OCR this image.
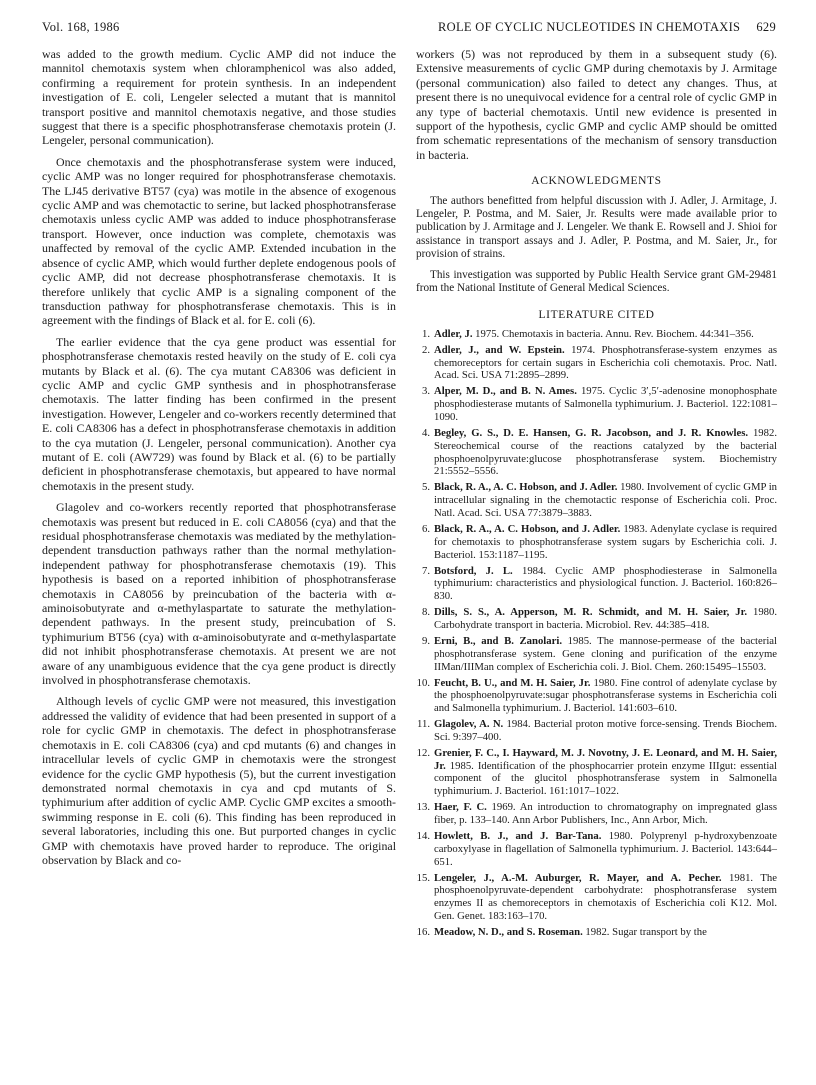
Vol. 168, 1986	ROLE OF CYCLIC NUCLEOTIDES IN CHEMOTAXIS 629

was added to the growth medium. Cyclic AMP did not induce the mannitol chemotaxis system when chloramphenicol was also added, confirming a requirement for protein synthesis. In an independent investigation of E. coli, Lengeler selected a mutant that is mannitol transport positive and mannitol chemotaxis negative, and those studies suggest that there is a specific phosphotransferase chemotaxis protein (J. Lengeler, personal communication).

Once chemotaxis and the phosphotransferase system were induced, cyclic AMP was no longer required for phosphotransferase chemotaxis. The LJ45 derivative BT57 (cya) was motile in the absence of exogenous cyclic AMP and was chemotactic to serine, but lacked phosphotransferase chemotaxis unless cyclic AMP was added to induce phosphotransferase transport. However, once induction was complete, chemotaxis was unaffected by removal of the cyclic AMP. Extended incubation in the absence of cyclic AMP, which would further deplete endogenous pools of cyclic AMP, did not decrease phosphotransferase chemotaxis. It is therefore unlikely that cyclic AMP is a signaling component of the transduction pathway for phosphotransferase chemotaxis. This is in agreement with the findings of Black et al. for E. coli (6).

The earlier evidence that the cya gene product was essential for phosphotransferase chemotaxis rested heavily on the study of E. coli cya mutants by Black et al. (6). The cya mutant CA8306 was deficient in cyclic AMP and cyclic GMP synthesis and in phosphotransferase chemotaxis. The latter finding has been confirmed in the present investigation. However, Lengeler and co-workers recently determined that E. coli CA8306 has a defect in phosphotransferase chemotaxis in addition to the cya mutation (J. Lengeler, personal communication). Another cya mutant of E. coli (AW729) was found by Black et al. (6) to be partially deficient in phosphotransferase chemotaxis, but appeared to have normal chemotaxis in the present study.

Glagolev and co-workers recently reported that phosphotransferase chemotaxis was present but reduced in E. coli CA8056 (cya) and that the residual phosphotransferase chemotaxis was mediated by the methylation-dependent transduction pathways rather than the normal methylation-independent pathway for phosphotransferase chemotaxis (19). This hypothesis is based on a reported inhibition of phosphotransferase chemotaxis in CA8056 by preincubation of the bacteria with α-aminoisobutyrate and α-methylaspartate to saturate the methylation-dependent pathways. In the present study, preincubation of S. typhimurium BT56 (cya) with α-aminoisobutyrate and α-methylaspartate did not inhibit phosphotransferase chemotaxis. At present we are not aware of any unambiguous evidence that the cya gene product is directly involved in phosphotransferase chemotaxis.

Although levels of cyclic GMP were not measured, this investigation addressed the validity of evidence that had been presented in support of a role for cyclic GMP in chemotaxis. The defect in phosphotransferase chemotaxis in E. coli CA8306 (cya) and cpd mutants (6) and changes in intracellular levels of cyclic GMP in chemotaxis were the strongest evidence for the cyclic GMP hypothesis (5), but the current investigation demonstrated normal chemotaxis in cya and cpd mutants of S. typhimurium after addition of cyclic AMP. Cyclic GMP excites a smooth-swimming response in E. coli (6). This finding has been reproduced in several laboratories, including this one. But purported changes in cyclic GMP with chemotaxis have proved harder to reproduce. The original observation by Black and co-

workers (5) was not reproduced by them in a subsequent study (6). Extensive measurements of cyclic GMP during chemotaxis by J. Armitage (personal communication) also failed to detect any changes. Thus, at present there is no unequivocal evidence for a central role of cyclic GMP in any type of bacterial chemotaxis. Until new evidence is presented in support of the hypothesis, cyclic GMP and cyclic AMP should be omitted from schematic representations of the mechanism of sensory transduction in bacteria.

ACKNOWLEDGMENTS

The authors benefitted from helpful discussion with J. Adler, J. Armitage, J. Lengeler, P. Postma, and M. Saier, Jr. Results were made available prior to publication by J. Armitage and J. Lengeler. We thank E. Rowsell and J. Shioi for assistance in transport assays and J. Adler, P. Postma, and M. Saier, Jr., for provision of strains.

This investigation was supported by Public Health Service grant GM-29481 from the National Institute of General Medical Sciences.

LITERATURE CITED
1. Adler, J. 1975. Chemotaxis in bacteria. Annu. Rev. Biochem. 44:341–356.
2. Adler, J., and W. Epstein. 1974. Phosphotransferase-system enzymes as chemoreceptors for certain sugars in Escherichia coli chemotaxis. Proc. Natl. Acad. Sci. USA 71:2895–2899.
3. Alper, M. D., and B. N. Ames. 1975. Cyclic 3′,5′-adenosine monophosphate phosphodiesterase mutants of Salmonella typhimurium. J. Bacteriol. 122:1081–1090.
4. Begley, G. S., D. E. Hansen, G. R. Jacobson, and J. R. Knowles. 1982. Stereochemical course of the reactions catalyzed by the bacterial phosphoenolpyruvate:glucose phosphotransferase system. Biochemistry 21:5552–5556.
5. Black, R. A., A. C. Hobson, and J. Adler. 1980. Involvement of cyclic GMP in intracellular signaling in the chemotactic response of Escherichia coli. Proc. Natl. Acad. Sci. USA 77:3879–3883.
6. Black, R. A., A. C. Hobson, and J. Adler. 1983. Adenylate cyclase is required for chemotaxis to phosphotransferase system sugars by Escherichia coli. J. Bacteriol. 153:1187–1195.
7. Botsford, J. L. 1984. Cyclic AMP phosphodiesterase in Salmonella typhimurium: characteristics and physiological function. J. Bacteriol. 160:826–830.
8. Dills, S. S., A. Apperson, M. R. Schmidt, and M. H. Saier, Jr. 1980. Carbohydrate transport in bacteria. Microbiol. Rev. 44:385–418.
9. Erni, B., and B. Zanolari. 1985. The mannose-permease of the bacterial phosphotransferase system. Gene cloning and purification of the enzyme IIMan/IIIMan complex of Escherichia coli. J. Biol. Chem. 260:15495–15503.
10. Feucht, B. U., and M. H. Saier, Jr. 1980. Fine control of adenylate cyclase by the phosphoenolpyruvate:sugar phosphotransferase systems in Escherichia coli and Salmonella typhimurium. J. Bacteriol. 141:603–610.
11. Glagolev, A. N. 1984. Bacterial proton motive force-sensing. Trends Biochem. Sci. 9:397–400.
12. Grenier, F. C., I. Hayward, M. J. Novotny, J. E. Leonard, and M. H. Saier, Jr. 1985. Identification of the phosphocarrier protein enzyme IIIgut: essential component of the glucitol phosphotransferase system in Salmonella typhimurium. J. Bacteriol. 161:1017–1022.
13. Haer, F. C. 1969. An introduction to chromatography on impregnated glass fiber, p. 133–140. Ann Arbor Publishers, Inc., Ann Arbor, Mich.
14. Howlett, B. J., and J. Bar-Tana. 1980. Polyprenyl p-hydroxybenzoate carboxylyase in flagellation of Salmonella typhimurium. J. Bacteriol. 143:644–651.
15. Lengeler, J., A.-M. Auburger, R. Mayer, and A. Pecher. 1981. The phosphoenolpyruvate-dependent carbohydrate: phosphotransferase system enzymes II as chemoreceptors in chemotaxis of Escherichia coli K12. Mol. Gen. Genet. 183:163–170.
16. Meadow, N. D., and S. Roseman. 1982. Sugar transport by the
